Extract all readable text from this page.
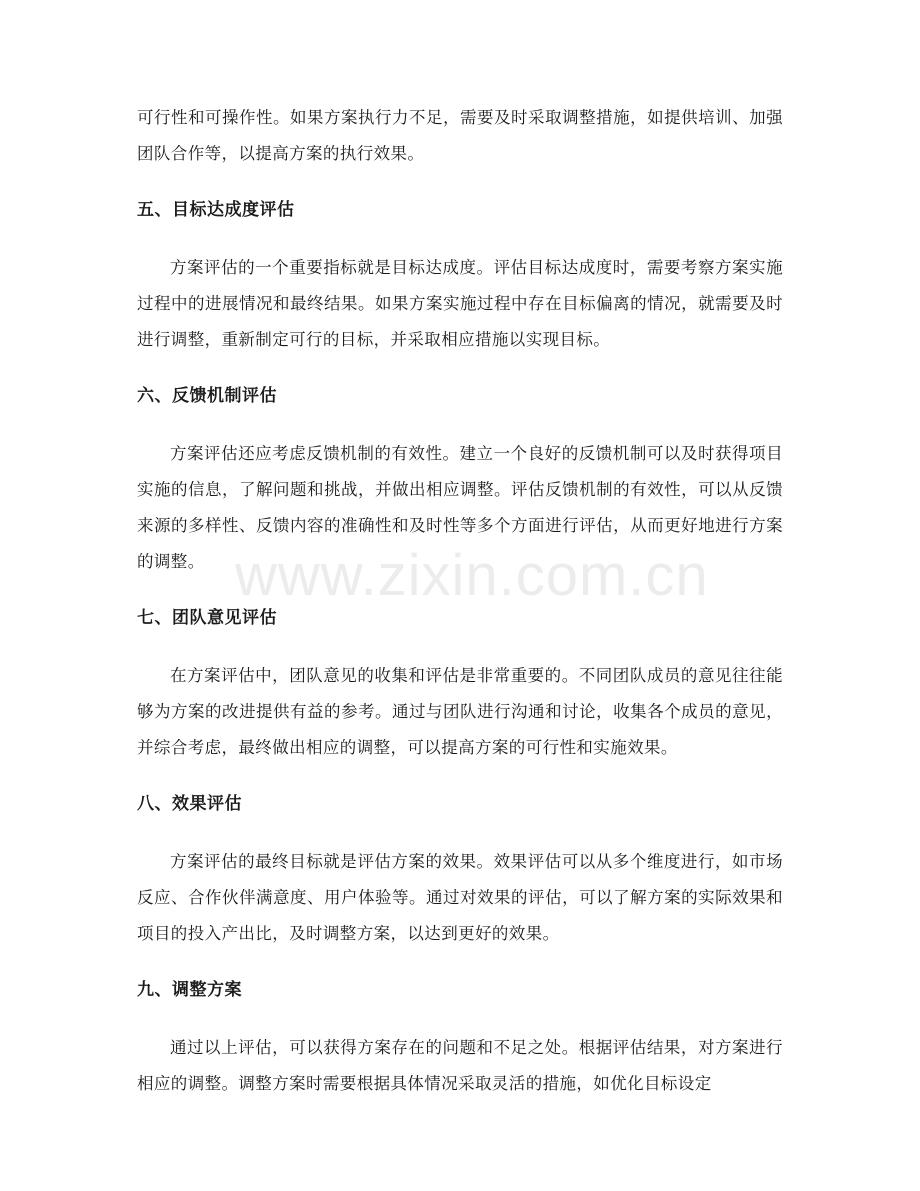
可行性和可操作性。如果方案执行力不足，需要及时采取调整措施，如提供培训、加强团队合作等，以提高方案的执行效果。

五、目标达成度评估

方案评估的一个重要指标就是目标达成度。评估目标达成度时，需要考察方案实施过程中的进展情况和最终结果。如果方案实施过程中存在目标偏离的情况，就需要及时进行调整，重新制定可行的目标，并采取相应措施以实现目标。

六、反馈机制评估

方案评估还应考虑反馈机制的有效性。建立一个良好的反馈机制可以及时获得项目实施的信息，了解问题和挑战，并做出相应调整。评估反馈机制的有效性，可以从反馈来源的多样性、反馈内容的准确性和及时性等多个方面进行评估，从而更好地进行方案的调整。

七、团队意见评估

在方案评估中，团队意见的收集和评估是非常重要的。不同团队成员的意见往往能够为方案的改进提供有益的参考。通过与团队进行沟通和讨论，收集各个成员的意见，并综合考虑，最终做出相应的调整，可以提高方案的可行性和实施效果。

八、效果评估

方案评估的最终目标就是评估方案的效果。效果评估可以从多个维度进行，如市场反应、合作伙伴满意度、用户体验等。通过对效果的评估，可以了解方案的实际效果和项目的投入产出比，及时调整方案，以达到更好的效果。

九、调整方案

通过以上评估，可以获得方案存在的问题和不足之处。根据评估结果，对方案进行相应的调整。调整方案时需要根据具体情况采取灵活的措施，如优化目标设定

www.zixin.com.cn
